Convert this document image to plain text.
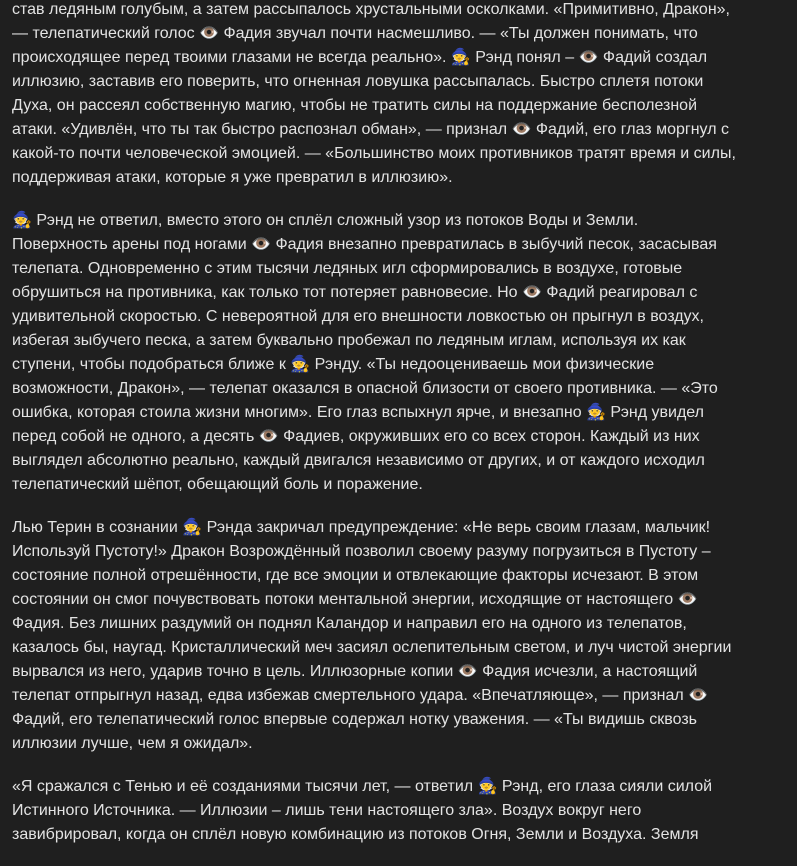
став ледяным голубым, а затем рассыпалось хрустальными осколками. «Примитивно, Дракон»,
— телепатический голос 👁️ Фадия звучал почти насмешливо. — «Ты должен понимать, что
происходящее перед твоими глазами не всегда реально». 🧙 Рэнд понял – 👁️ Фадий создал
иллюзию, заставив его поверить, что огненная ловушка рассыпалась. Быстро сплетя потоки
Духа, он рассеял собственную магию, чтобы не тратить силы на поддержание бесполезной
атаки. «Удивлён, что ты так быстро распознал обман», — признал 👁️ Фадий, его глаз моргнул с
какой-то почти человеческой эмоцией. — «Большинство моих противников тратят время и силы,
поддерживая атаки, которые я уже превратил в иллюзию».

🧙 Рэнд не ответил, вместо этого он сплёл сложный узор из потоков Воды и Земли.
Поверхность арены под ногами 👁️ Фадия внезапно превратилась в зыбучий песок, засасывая
телепата. Одновременно с этим тысячи ледяных игл сформировались в воздухе, готовые
обрушиться на противника, как только тот потеряет равновесие. Но 👁️ Фадий реагировал с
удивительной скоростью. С невероятной для его внешности ловкостью он прыгнул в воздух,
избегая зыбучего песка, а затем буквально пробежал по ледяным иглам, используя их как
ступени, чтобы подобраться ближе к 🧙 Рэнду. «Ты недооцениваешь мои физические
возможности, Дракон», — телепат оказался в опасной близости от своего противника. — «Это
ошибка, которая стоила жизни многим». Его глаз вспыхнул ярче, и внезапно 🧙 Рэнд увидел
перед собой не одного, а десять 👁️ Фадиев, окруживших его со всех сторон. Каждый из них
выглядел абсолютно реально, каждый двигался независимо от других, и от каждого исходил
телепатический шёпот, обещающий боль и поражение.

Лью Терин в сознании 🧙 Рэнда закричал предупреждение: «Не верь своим глазам, мальчик!
Используй Пустоту!» Дракон Возрождённый позволил своему разуму погрузиться в Пустоту –
состояние полной отрешённости, где все эмоции и отвлекающие факторы исчезают. В этом
состоянии он смог почувствовать потоки ментальной энергии, исходящие от настоящего 👁️
Фадия. Без лишних раздумий он поднял Каландор и направил его на одного из телепатов,
казалось бы, наугад. Кристаллический меч засиял ослепительным светом, и луч чистой энергии
вырвался из него, ударив точно в цель. Иллюзорные копии 👁️ Фадия исчезли, а настоящий
телепат отпрыгнул назад, едва избежав смертельного удара. «Впечатляюще», — признал 👁️
Фадий, его телепатический голос впервые содержал нотку уважения. — «Ты видишь сквозь
иллюзии лучше, чем я ожидал».

«Я сражался с Тенью и её созданиями тысячи лет, — ответил 🧙 Рэнд, его глаза сияли силой
Истинного Источника. — Иллюзии – лишь тени настоящего зла». Воздух вокруг него
завибрировал, когда он сплёл новую комбинацию из потоков Огня, Земли и Воздуха. Земля
